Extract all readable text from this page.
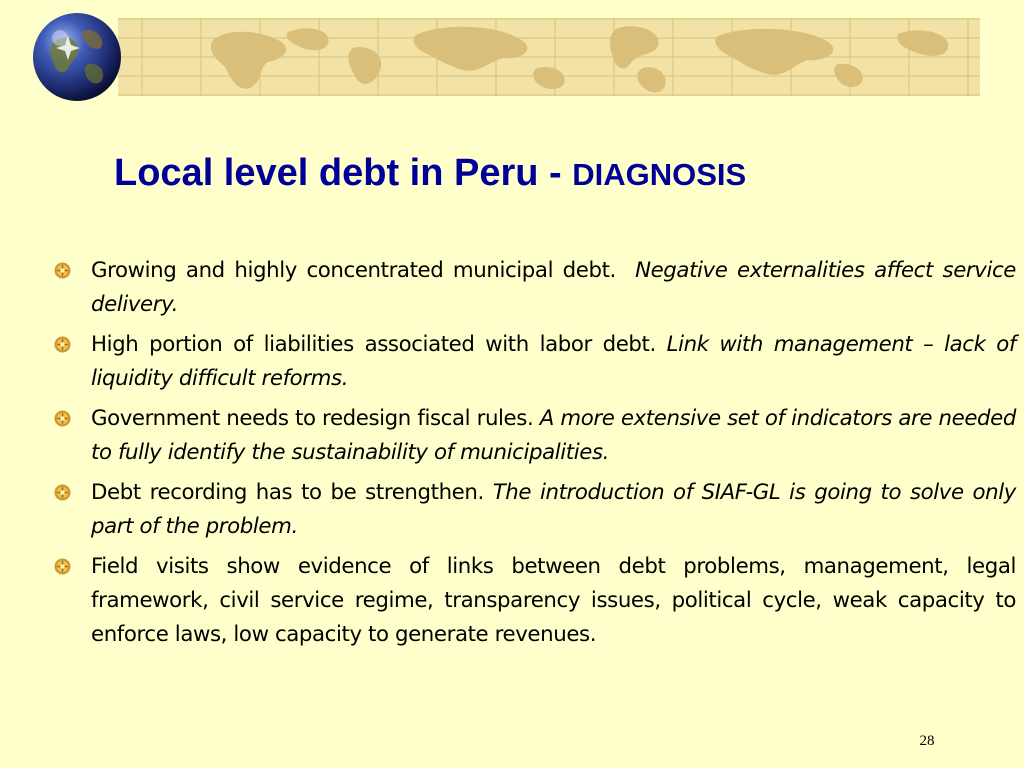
Local level debt in Peru - DIAGNOSIS
Growing and highly concentrated municipal debt. Negative externalities affect service delivery.
High portion of liabilities associated with labor debt. Link with management – lack of liquidity difficult reforms.
Government needs to redesign fiscal rules. A more extensive set of indicators are needed to fully identify the sustainability of municipalities.
Debt recording has to be strengthen. The introduction of SIAF-GL is going to solve only part of the problem.
Field visits show evidence of links between debt problems, management, legal framework, civil service regime, transparency issues, political cycle, weak capacity to enforce laws, low capacity to generate revenues.
28
